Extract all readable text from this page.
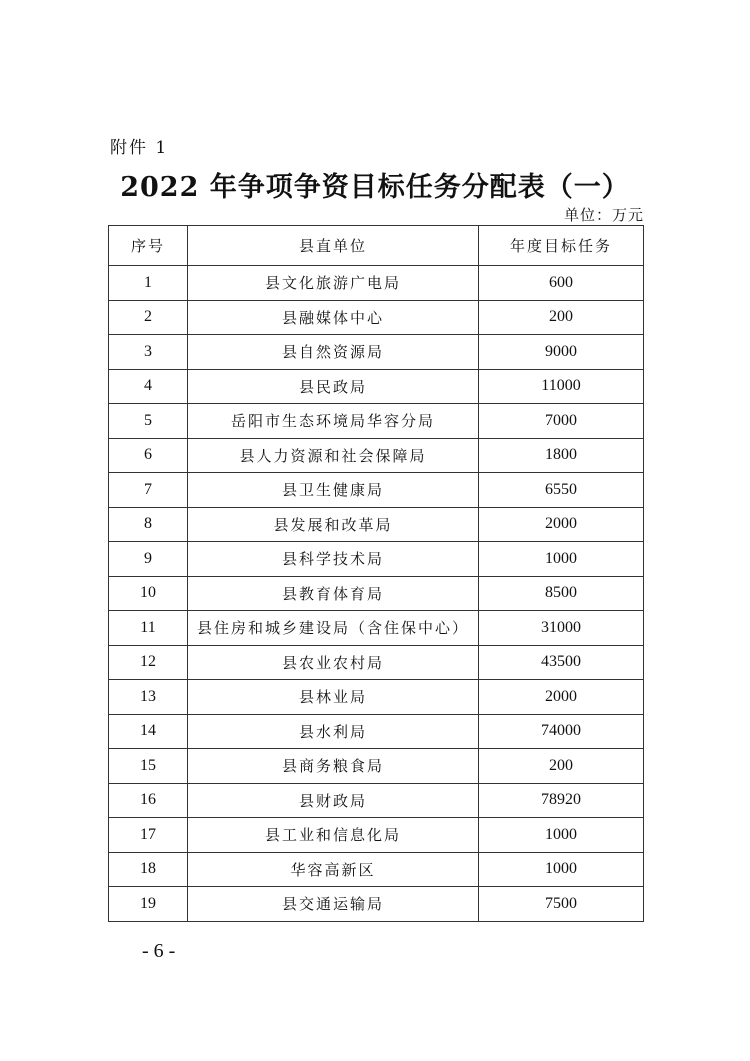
附件 1
2022 年争项争资目标任务分配表（一）
单位：万元
序号	县直单位	年度目标任务
1	县文化旅游广电局	600
2	县融媒体中心	200
3	县自然资源局	9000
4	县民政局	11000
5	岳阳市生态环境局华容分局	7000
6	县人力资源和社会保障局	1800
7	县卫生健康局	6550
8	县发展和改革局	2000
9	县科学技术局	1000
10	县教育体育局	8500
11	县住房和城乡建设局（含住保中心）	31000
12	县农业农村局	43500
13	县林业局	2000
14	县水利局	74000
15	县商务粮食局	200
16	县财政局	78920
17	县工业和信息化局	1000
18	华容高新区	1000
19	县交通运输局	7500
- 6 -
